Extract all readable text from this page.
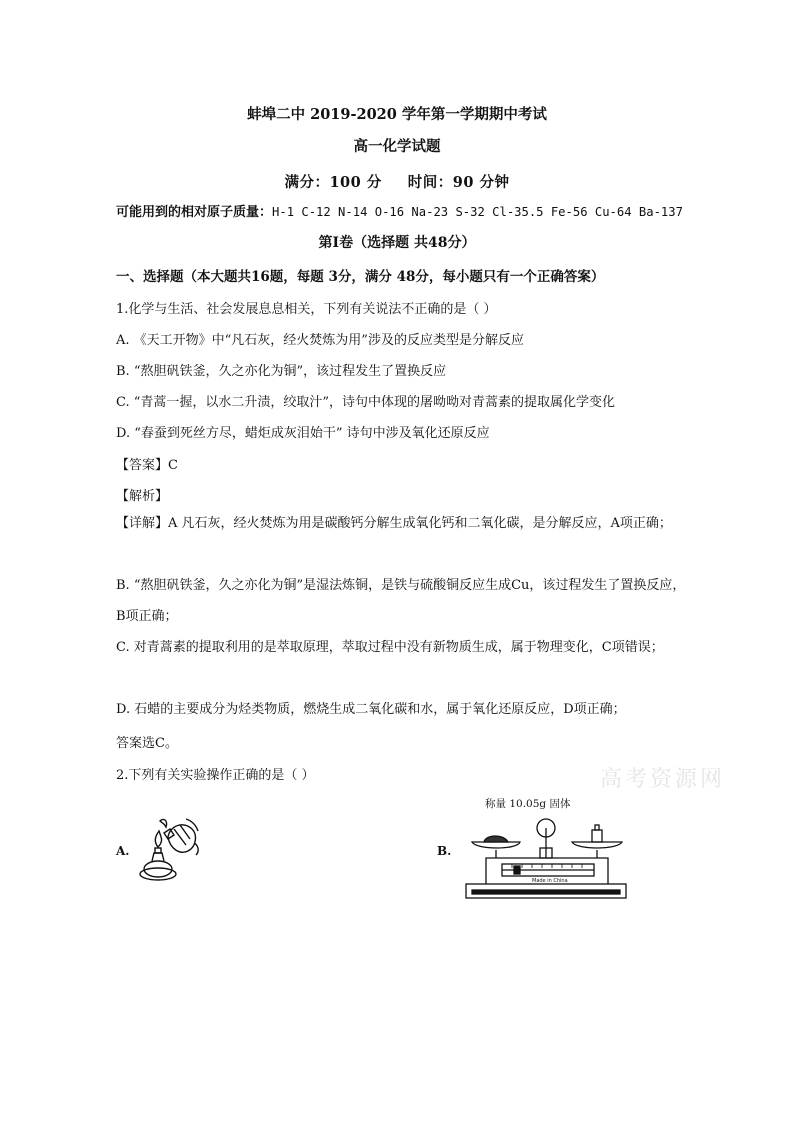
蚌埠二中 2019-2020 学年第一学期期中考试
高一化学试题
满分：100 分 时间：90 分钟
可能用到的相对原子质量：H-1 C-12 N-14 O-16 Na-23 S-32 Cl-35.5 Fe-56 Cu-64 Ba-137
第Ⅰ卷（选择题 共48分）
一、选择题（本大题共16题，每题 3分，满分 48分，每小题只有一个正确答案）
1.化学与生活、社会发展息息相关，下列有关说法不正确的是（ ）
A. 《天工开物》中“凡石灰，经火焚炼为用”涉及的反应类型是分解反应
B. “熬胆矾铁釜，久之亦化为铜”，该过程发生了置换反应
C. “青蒿一握，以水二升渍，绞取汁”，诗句中体现的屠呦呦对青蒿素的提取属化学变化
D. “春蚕到死丝方尽，蜡炬成灰泪始干” 诗句中涉及氧化还原反应
【答案】C
【解析】
【详解】A 凡石灰，经火焚炼为用是碳酸钙分解生成氧化钙和二氧化碳，是分解反应，A项正确；
B. “熬胆矾铁釜，久之亦化为铜”是湿法炼铜，是铁与硫酸铜反应生成Cu，该过程发生了置换反应，B项正确；
C. 对青蒿素的提取利用的是萃取原理，萃取过程中没有新物质生成，属于物理变化，C项错误；
D. 石蜡的主要成分为烃类物质，燃烧生成二氧化碳和水，属于氧化还原反应，D项正确；
答案选C。
2.下列有关实验操作正确的是（ ）	高考资源网
A.	B.
称量 10.05g 固体
Made in China
